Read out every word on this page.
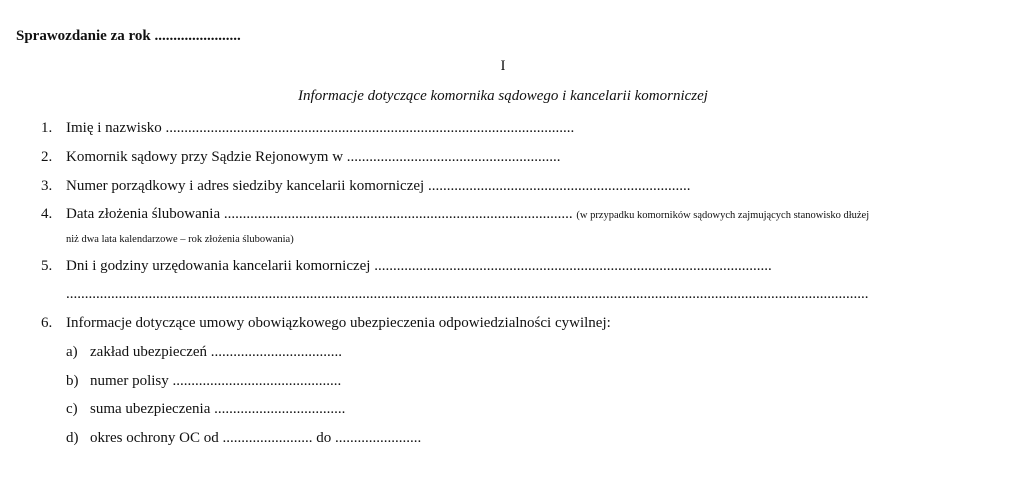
Sprawozdanie za rok .......................
I
Informacje dotyczące komornika sądowego i kancelarii komorniczej
1. Imię i nazwisko .............................................................................................................
2. Komornik sądowy przy Sądzie Rejonowym w .........................................................
3. Numer porządkowy i adres siedziby kancelarii komorniczej ......................................................................
4. Data złożenia ślubowania ............................................................................................. (w przypadku komorników sądowych zajmujących stanowisko dłużej
niż dwa lata kalendarzowe – rok złożenia ślubowania)
5. Dni i godziny urzędowania kancelarii komorniczej ..........................................................................................................
......................................................................................................................................................................................................................
6. Informacje dotyczące umowy obowiązkowego ubezpieczenia odpowiedzialności cywilnej:
a) zakład ubezpieczeń ...................................
b) numer polisy .............................................
c) suma ubezpieczenia ...................................
d) okres ochrony OC od ........................ do .......................
